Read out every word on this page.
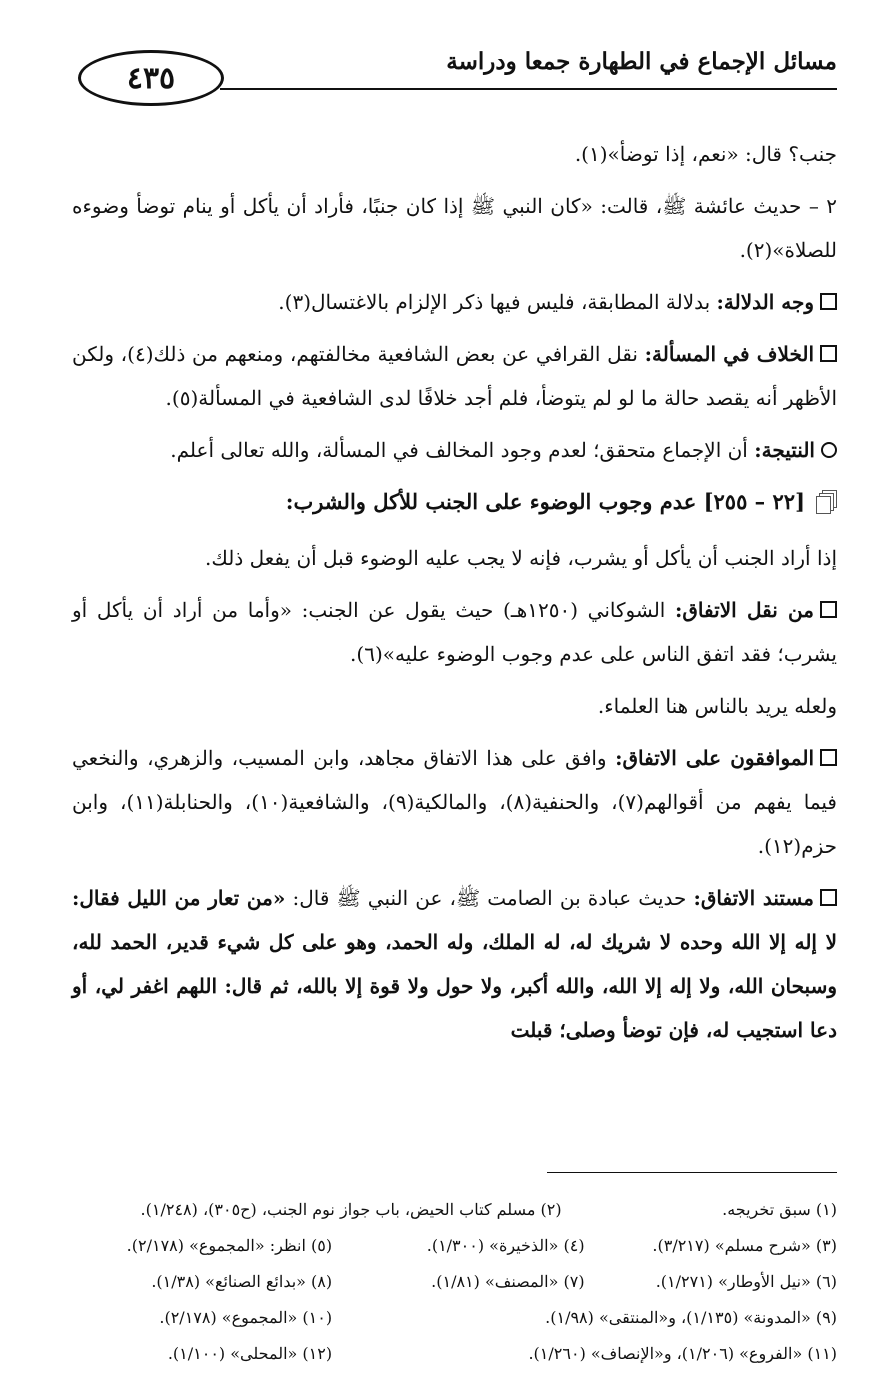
٤٣٥	مسائل الإجماع في الطهارة جمعا ودراسة

جنب؟ قال: «نعم، إذا توضأ»(١).

٢ – حديث عائشة ﷺ، قالت: «كان النبي ﷺ إذا كان جنبًا، فأراد أن يأكل أو ينام توضأ وضوءه للصلاة»(٢).

وجه الدلالة: بدلالة المطابقة، فليس فيها ذكر الإلزام بالاغتسال(٣).

الخلاف في المسألة: نقل القرافي عن بعض الشافعية مخالفتهم، ومنعهم من ذلك(٤)، ولكن الأظهر أنه يقصد حالة ما لو لم يتوضأ، فلم أجد خلافًا لدى الشافعية في المسألة(٥).

النتيجة: أن الإجماع متحقق؛ لعدم وجود المخالف في المسألة، والله تعالى أعلم.

[٢٢ – ٢٥٥] عدم وجوب الوضوء على الجنب للأكل والشرب:

إذا أراد الجنب أن يأكل أو يشرب، فإنه لا يجب عليه الوضوء قبل أن يفعل ذلك.

من نقل الاتفاق: الشوكاني (١٢٥٠هـ) حيث يقول عن الجنب: «وأما من أراد أن يأكل أو يشرب؛ فقد اتفق الناس على عدم وجوب الوضوء عليه»(٦).

ولعله يريد بالناس هنا العلماء.

الموافقون على الاتفاق: وافق على هذا الاتفاق مجاهد، وابن المسيب، والزهري، والنخعي فيما يفهم من أقوالهم(٧)، والحنفية(٨)، والمالكية(٩)، والشافعية(١٠)، والحنابلة(١١)، وابن حزم(١٢).

مستند الاتفاق: حديث عبادة بن الصامت ﷺ، عن النبي ﷺ قال: «من تعار من الليل فقال: لا إله إلا الله وحده لا شريك له، له الملك، وله الحمد، وهو على كل شيء قدير، الحمد لله، وسبحان الله، ولا إله إلا الله، والله أكبر، ولا حول ولا قوة إلا بالله، ثم قال: اللهم اغفر لي، أو دعا استجيب له، فإن توضأ وصلى؛ قبلت

(١) سبق تخريجه.
(٢) مسلم كتاب الحيض، باب جواز نوم الجنب، (ح٣٠٥)، (١/٢٤٨).
(٣) «شرح مسلم» (٣/٢١٧).
(٤) «الذخيرة» (١/٣٠٠).
(٥) انظر: «المجموع» (٢/١٧٨).
(٦) «نيل الأوطار» (١/٢٧١).
(٧) «المصنف» (١/٨١).
(٨) «بدائع الصنائع» (١/٣٨).
(٩) «المدونة» (١/١٣٥)، و«المنتقى» (١/٩٨).
(١٠) «المجموع» (٢/١٧٨).
(١١) «الفروع» (١/٢٠٦)، و«الإنصاف» (١/٢٦٠).
(١٢) «المحلى» (١/١٠٠).
